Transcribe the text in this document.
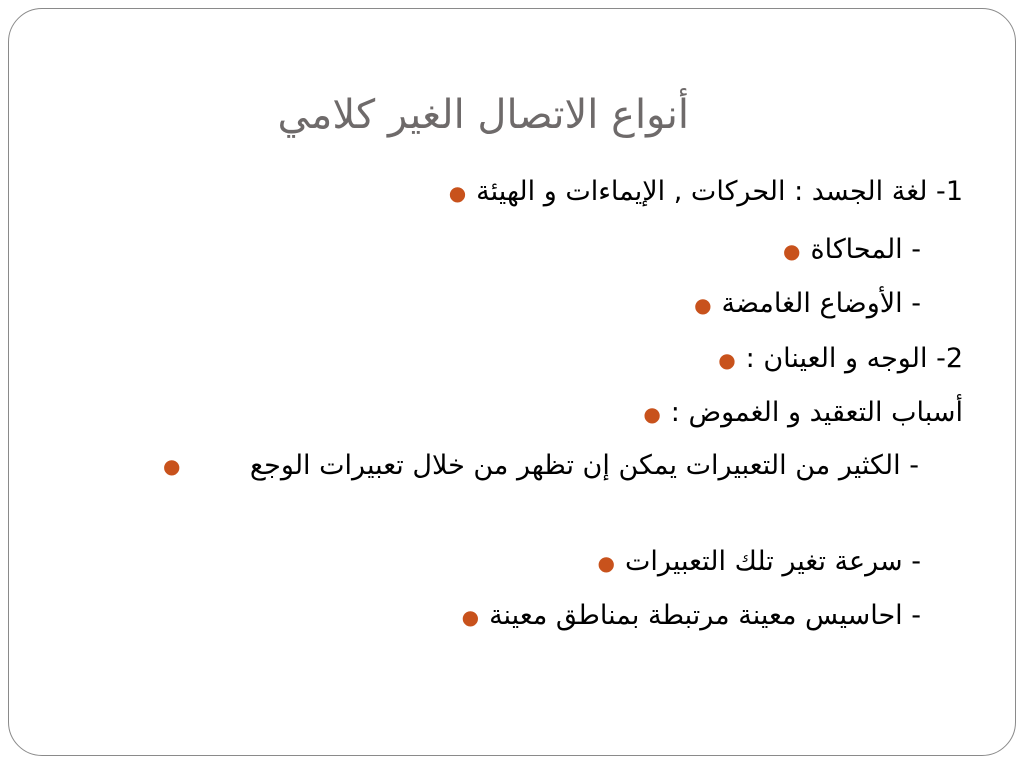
أنواع الاتصال الغير كلامي
1- لغة الجسد : الحركات , الإيماءات و الهيئة●
- المحاكاة●
- الأوضاع الغامضة●
2- الوجه و العينان :●
أسباب التعقيد و الغموض :●
●	- الكثير من التعبيرات يمكن إن تظهر من خلال تعبيرات الوجع
- سرعة تغير تلك التعبيرات●
- احاسيس معينة مرتبطة بمناطق معينة●
